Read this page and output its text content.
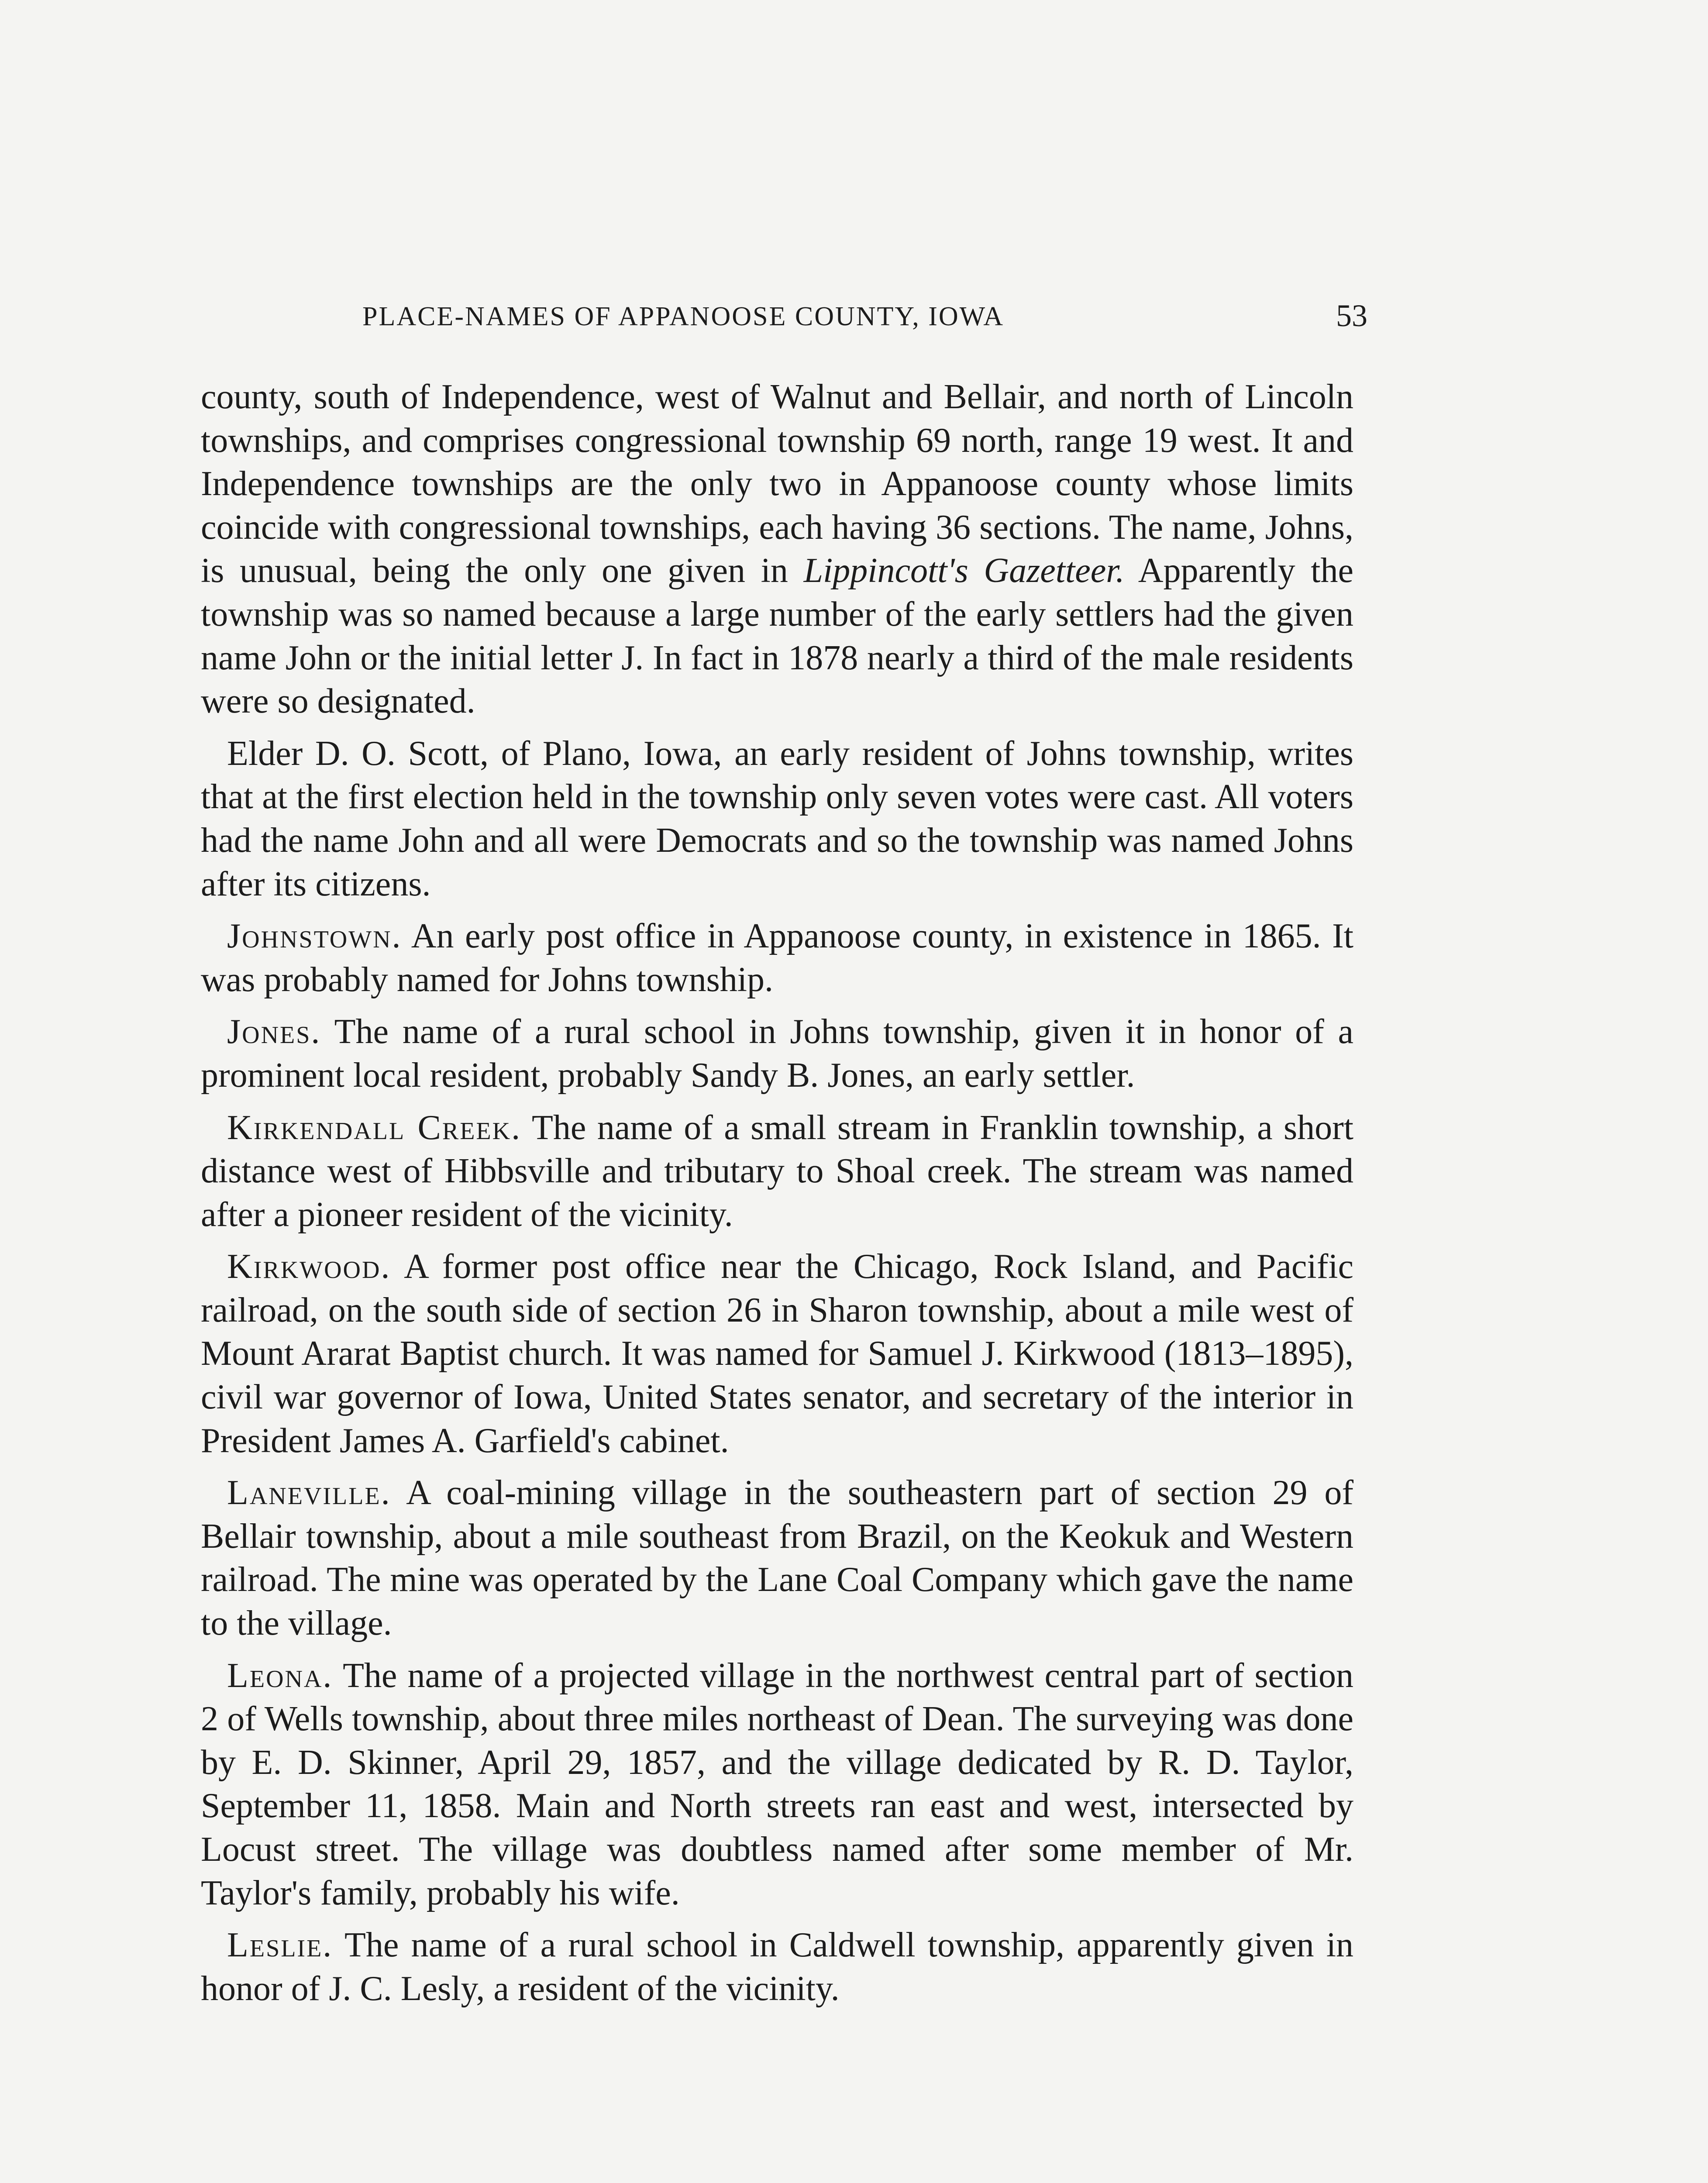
PLACE-NAMES OF APPANOOSE COUNTY, IOWA	53

county, south of Independence, west of Walnut and Bellair, and north of Lincoln townships, and comprises congressional township 69 north, range 19 west. It and Independence townships are the only two in Appanoose county whose limits coincide with congressional townships, each having 36 sections. The name, Johns, is unusual, being the only one given in Lippincott's Gazetteer. Apparently the township was so named because a large number of the early settlers had the given name John or the initial letter J. In fact in 1878 nearly a third of the male residents were so designated.

Elder D. O. Scott, of Plano, Iowa, an early resident of Johns township, writes that at the first election held in the township only seven votes were cast. All voters had the name John and all were Democrats and so the township was named Johns after its citizens.

Johnstown. An early post office in Appanoose county, in existence in 1865. It was probably named for Johns township.

Jones. The name of a rural school in Johns township, given it in honor of a prominent local resident, probably Sandy B. Jones, an early settler.

Kirkendall Creek. The name of a small stream in Franklin township, a short distance west of Hibbsville and tributary to Shoal creek. The stream was named after a pioneer resident of the vicinity.

Kirkwood. A former post office near the Chicago, Rock Island, and Pacific railroad, on the south side of section 26 in Sharon township, about a mile west of Mount Ararat Baptist church. It was named for Samuel J. Kirkwood (1813–1895), civil war governor of Iowa, United States senator, and secretary of the interior in President James A. Garfield's cabinet.

Laneville. A coal-mining village in the southeastern part of section 29 of Bellair township, about a mile southeast from Brazil, on the Keokuk and Western railroad. The mine was operated by the Lane Coal Company which gave the name to the village.

Leona. The name of a projected village in the northwest central part of section 2 of Wells township, about three miles northeast of Dean. The surveying was done by E. D. Skinner, April 29, 1857, and the village dedicated by R. D. Taylor, September 11, 1858. Main and North streets ran east and west, intersected by Locust street. The village was doubtless named after some member of Mr. Taylor's family, probably his wife.

Leslie. The name of a rural school in Caldwell township, apparently given in honor of J. C. Lesly, a resident of the vicinity.
